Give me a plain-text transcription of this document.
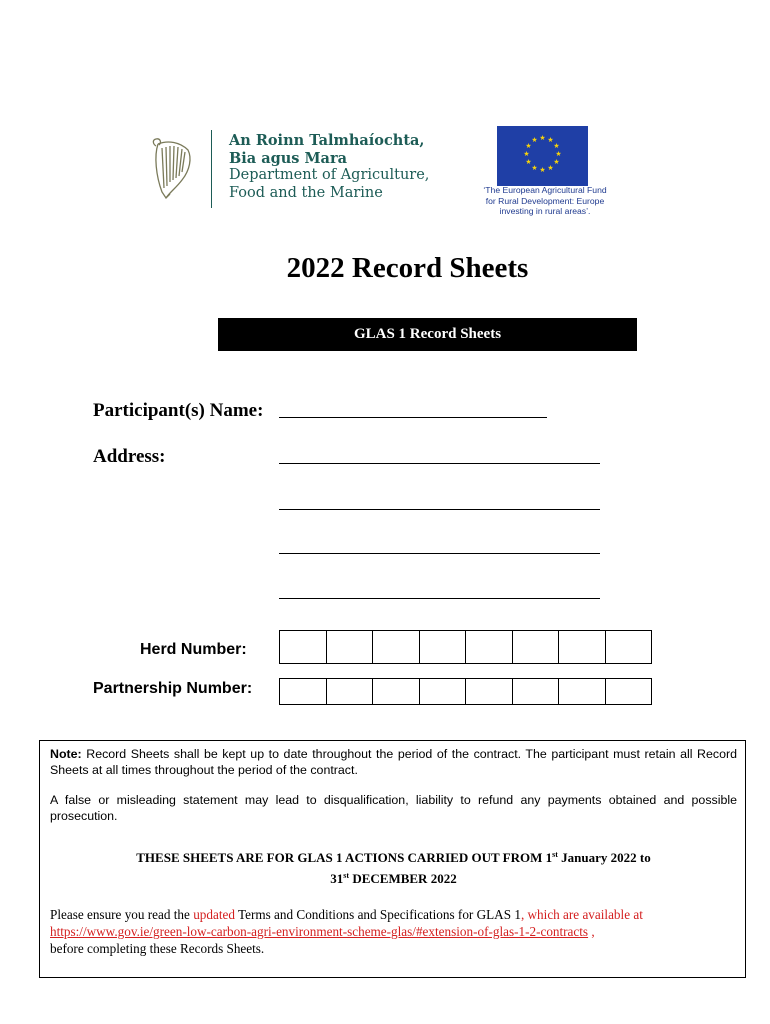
An Roinn Talmhaíochta,
Bia agus Mara
Department of Agriculture,
Food and the Marine
★ ★
★
★
★
★
★
★
★
★
★
★
‘The European Agricultural Fund
for Rural Development: Europe
investing in rural areas’.
2022 Record Sheets
GLAS 1 Record Sheets
Participant(s) Name:
Address:
Herd Number:
Partnership Number:

Note: Record Sheets shall be kept up to date throughout the period of the contract. The participant must retain all Record Sheets at all times throughout the period of the contract.

A false or misleading statement may lead to disqualification, liability to refund any payments obtained and possible prosecution.

THESE SHEETS ARE FOR GLAS 1 ACTIONS CARRIED OUT FROM 1st January 2022 to
31st DECEMBER 2022
Please ensure you read the updated Terms and Conditions and Specifications for GLAS 1, which are available at https://www.gov.ie/green-low-carbon-agri-environment-scheme-glas/#extension-of-glas-1-2-contracts ,
before completing these Records Sheets.
